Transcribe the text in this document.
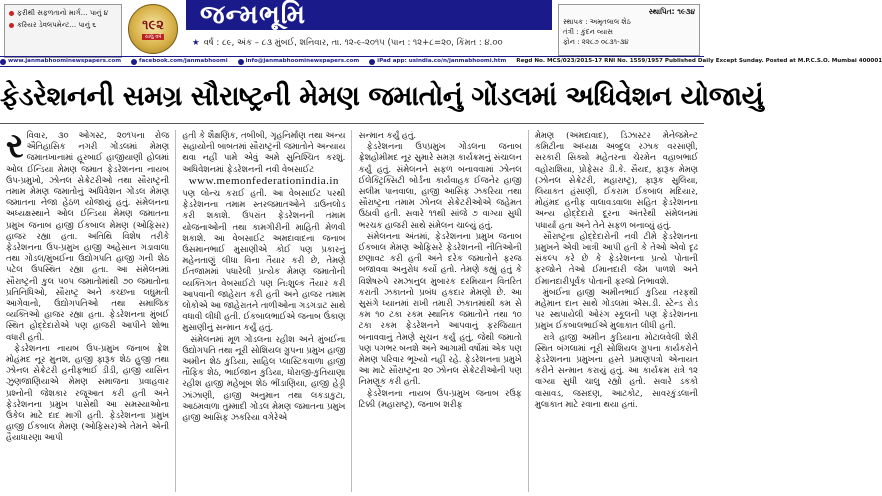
ફરીથી સફળતાનો માર્ગ… પાનું ૪
કરિયર ડેવલપમેન્ટ… પાનું ૬	૧૯૨
ચાલુ વર્ષે
જન્મભૂમિ
★ વર્ષ : ૮૯, અંક – ૮૩ મુંબઈ, શનિવાર, તા. ૧૨-૯-૨૦૧૫ (પાન : ૧૨+૮=૨૦, કિંમત : ૪.૦૦
સ્થાપિત: ૧૯૩૪
સ્થાપક : અમૃતલાલ શેઠ
તંત્રી : કુંદન વ્યાસ
ફોન : ૨૨૮૭ ૦૮૩૧-૩૪
www.janmabhoominewspapers.com	facebook.com/janmabhoomi	info@janmabhoominewspapers.com	iPad app: usindia.co/n/janmabhoomi.htm Regd No. MCS/023/2015-17 RNI No. 1559/1957 Published Daily Except Sunday. Posted at M.P.C.S.O. Mumbai 400001
ફેડરેશનની સમગ્ર સૌરાષ્ટ્રની મેમણ જમાતોનું ગોંડલમાં અધિવેશન યોજાયું

રવિવાર, ૩૦ ઓગસ્ટ, ૨૦૧૫ના રોજ ઐતિહાસિક નગરી ગોંડલમાં મેમણ જમાતખાનામાં હૂરબાઈ હાજીયાણી હોલમાં ઓલ ઈન્ડિયા મેમણ જમાત ફેડરેશનના નાયબ ઉપ-પ્રમુખો, ઝોનલ સેક્રેટરીઓ તથા સૌરાષ્ટ્રની તમામ મેમણ જમાતોનું અધિવેશન ગોંડલ મેમણ જમાતના નેજા હેઠળ યોજાયું હતું. સંમેલનના અધ્યક્ષસ્થાને ઓલ ઈન્ડિયા મેમણ જમાતના પ્રમુખ જનાબ હાજી ઈકબાલ મેમણ (ઓફિસર) હાજર રહ્યા હતા. અતિથિ વિશેષ તરીકે ફેડરેશનના ઉપ-પ્રમુખ હાજી અહેસાન ગડાવાલા તથા ગોંડલ/મુંબઈના ઉદ્યોગપતિ હાજી ગની શેઠ પટેલ ઉપસ્થિત રહ્યા હતા. આ સંમેલનમાં સૌરાષ્ટ્રની કુલ ૫૦૫ જમાતોમાંથી ૭૦ જમાતોના પ્રતિનિધિઓ, સૌરાષ્ટ્ર અને કચ્છના લઘુમતી આગેવાનો, ઉદ્યોગપતિઓ તથા સમાજિક વ્યક્તિઓ હાજર રહ્યા હતા. ફેડરેશનના મુંબઈ સ્થિત હોદ્દેદારોએ પણ હાજરી આપીને શોભા વધારી હતી.

ફેડરેશનના નાયબ ઉપ-પ્રમુખ જનાબ ફ્રેશ મોહંમદ નૂર મુનશ, હાજી ફારૂક શેઠ હુજી તથા ઝોનલ સેક્રેટરી હનીફભાઈ ડીડી, હાજી યાસિન ઝુણજાણિયાએ મેમણ સમાજના પ્રવાહવાર પ્રશ્નોની જેશકાર રજૂઆત કરી હતી અને ફેડરેશનના પ્રમુખ પાસેથી આ સમસ્યાઓના ઉકેલ માટે દાદ માગી હતી. ફેડરેશનના પ્રમુખ હાજી ઈકબાલ મેમણ (ઓફિસર)એ તેમને એની હૈયાધારણા આપી

હતી કે શૈક્ષણિક, તબીબી, ગૃહનિર્માણ તથા અન્ય સહાયોની બાબતમાં સૌરાષ્ટ્રની જમાતોને અન્યાય થવા નહીં પામે એવું અમે સુનિશ્ચિત કરશું. અધિવેશનમાં ફેડરેશનની નવી વેબસાઈટ

www.memonfederationindia.in

પણ લોન્ચ કરાઈ હતી. આ વેબસાઈટ પરથી ફેડરેશનના તમામ સ્તરજમાતઓને ડાઉનલોડ કરી શકાશે. ઉપરાંત ફેડરેશનની તમામ યોજનાઓની તથા કામગીરીની માહિતી મેળવી શકાશે. આ વેબસાઈટ અમદાવાદના જનાબ ઉસમાનભાઈ મુસાણીએ કોઈ પણ પ્રકારનું મહેનતાણું લીધા વિના તૈયાર કરી છે, તેમણે ઈતજામમાં પધારેલી પ્રત્યેક મેમણ જમાતોની વ્યક્તિગત વેબસાઈટો પણ નિ:શુલ્ક તૈયાર કરી આપવાની જાહેરાત કરી હતી અને હાજર તમામ લોકોએ આ જાહેરાતને તાળીઓના ગડગડાટ સાથે વધાવી લીધી હતી. ઈકબાલભાઈએ જનાબ ઉંકાણ મુસાણીનું સન્માન કર્યું હતું.

સંમેલનમાં મૂળ ગોંડલના રહીશ અને મુંબઈના ઉદ્યોગપતિ તથા નૂરી સોશિયલ ગ્રુપના પ્રમુખ હાજી અમીન શેઠ કુડિયા, સાહિલ પ્લાસ્ટિકવાળા હાજી તૌફિક શેઠ, ભાઈજાન કુડિયા, ધોરાજી-કુતિયાણા રહીશ હાજી મહેબૂબ શેઠ ભીંડાણિયા, હાજી હેડ્ડી ઝાંઝાણી, હાજી અનુમાન તથા લકડાકુટા, આઠમવાળા તુમ્માદી ગોંડલ મેમણ જમાતના પ્રમુખ હાજી આસિફ ઝકરિયા વગેરેએ

સન્માન કર્યું હતું.

ફેડરેશનના ઉપપ્રમુખ ગોંડલના જનાબ ફ્રેશહોમીમદ નૂર સુમારે સમગ્ર કાર્યક્રમનું સંચાલન કર્યું હતું. સંમેલનને સફળ બનાવવામાં ઝોનલ ઈલેક્ટ્રિક્સિટી બોર્ડના કાર્યવાહક ઈજનેર હાજી સલીમ પાનવાલા, હાજી આસિફ ઝકરિયા તથા સૌરાષ્ટ્રના તમામ ઝોનલ સેક્રેટરીઓએ જહેમત ઉઠાવી હતી. સવારે ૧૧થી સાંજે ૭ વાગ્યા સુધી ભરચક હાજરી સાથે સંમેલન ચાલ્યું હતું.

સંમેલનના અંતમાં, ફેડરેશનના પ્રમુખ જનાબ ઈકબાલ મેમણ ઓફિસરે ફેડરેશનની નીતિઓની છણાવટ કરી હતી અને દરેક જમાતોને ફરજ બજાવવા અનુરોધ કર્યો હતો. તેમણે કહ્યું હતું કે વિશેષરુપે રમઝાનુલ મુબારક દરમિયાન વિતરિત કરાતી ઝકાતનો પ્રબંધ હકદાર મેમણો છે. આ સુસંગે ધ્યાનમાં રાખી તમારી ઝકાતમાંથી કમ સે કમ ૧૦ ટકા રકમ સ્થાનિક જમાતોને તથા ૧૦ ટકા રકમ ફેડરેશનને આપવાનું ફરજિયાત બનાવવાનું તેમણે સૂચન કર્યું હતું, જેથી જમાતો પણ પગભર બનશે અને આગામી વર્ષોમાં એક પણ મેમણ પરિવાર ભૂખ્યો નહીં રહે. ફેડરેશનના પ્રમુખે આ માટે સૌરાષ્ટ્રના ૨૦ ઝોનલ સેક્રેટરીઓની પણ નિમણૂક કરી હતી.

ફેડરેશનના નાયબ ઉપ-પ્રમુખ જનાબ રઉફ ટિક્કી (મહારાષ્ટ્ર), જનાબ શરીફ

મેમણ (અમદાવાદ), ડિઝાસ્ટર મેનેજમેન્ટ કમિટીના અધ્યક્ષ અબ્દુલ રઝાક વરસાણી, સરકારી સિક્યો મહેતરના ચેરમેન વહાબભાઈ વહોરાશિયા, પ્રોફેસર ડી.કે. સૈયદ, ફારૂક મેમણ (ઝોનલ સેક્રેટરી, મહારાષ્ટ્ર), ફારૂક સુલિયા, લિયાકત હંસાણી, ઈકરામ ઈકબાલ મદિયાર, મોહંમદ હનીફ વાલાવડવાલા સહિત ફેડરેશનના અન્ય હોદ્દેદારો દૂરના અંતરેથી સંમેલનમાં પધાર્યા હતા અને તેને સફળ બનાવ્યું હતું.

સૌરાષ્ટ્રના હોદ્દેદારોની નવી ટીમે ફેડરેશનના પ્રમુખને એવી ખાત્રી આપી હતી કે તેઓ એવો દૃઢ સંકલ્પ કરે છે કે ફેડરેશનના પ્રત્યે પોતાની ફરજોને તેઓ ઈમાનદારી જેમ પાળશે અને ઈમાનદારીપૂર્વક પોતાની ફરજો નિભાવશે.

મુંબઈના હાજી અમીનભાઈ કુડિયા તરફથી મહેમાન દાન સાથે ગોંડલમાં એસ.ડી. સ્ટેન્ડ રોડ પર સ્થપાયેલી ઓરંગ સ્કૂલની પણ ફેડરેશનના પ્રમુખ ઈકબાલભાઈએ મુલાકાત લીધી હતી.

રાત્રે હાજી અમીન કુડિયાના મોટાલવેલી શેરી સ્થિત બંગલામાં નૂરી સોશિયલ ગ્રુપના કાર્યકરોને ફેડરેશનના પ્રમુખના હસ્તે પ્રમાણપત્રો એનાયત કરીને સન્માન કરાયું હતું. આ કાર્યક્રમ રાત્રે ૧૨ વાગ્યા સુધી ચાલુ રહ્યો હતો. સવારે ડકકો વાસાવડ, જસદણ, આટકોટ, સાવરકુંડલાની મુલાકાત માટે રવાના થયા હતાં.
